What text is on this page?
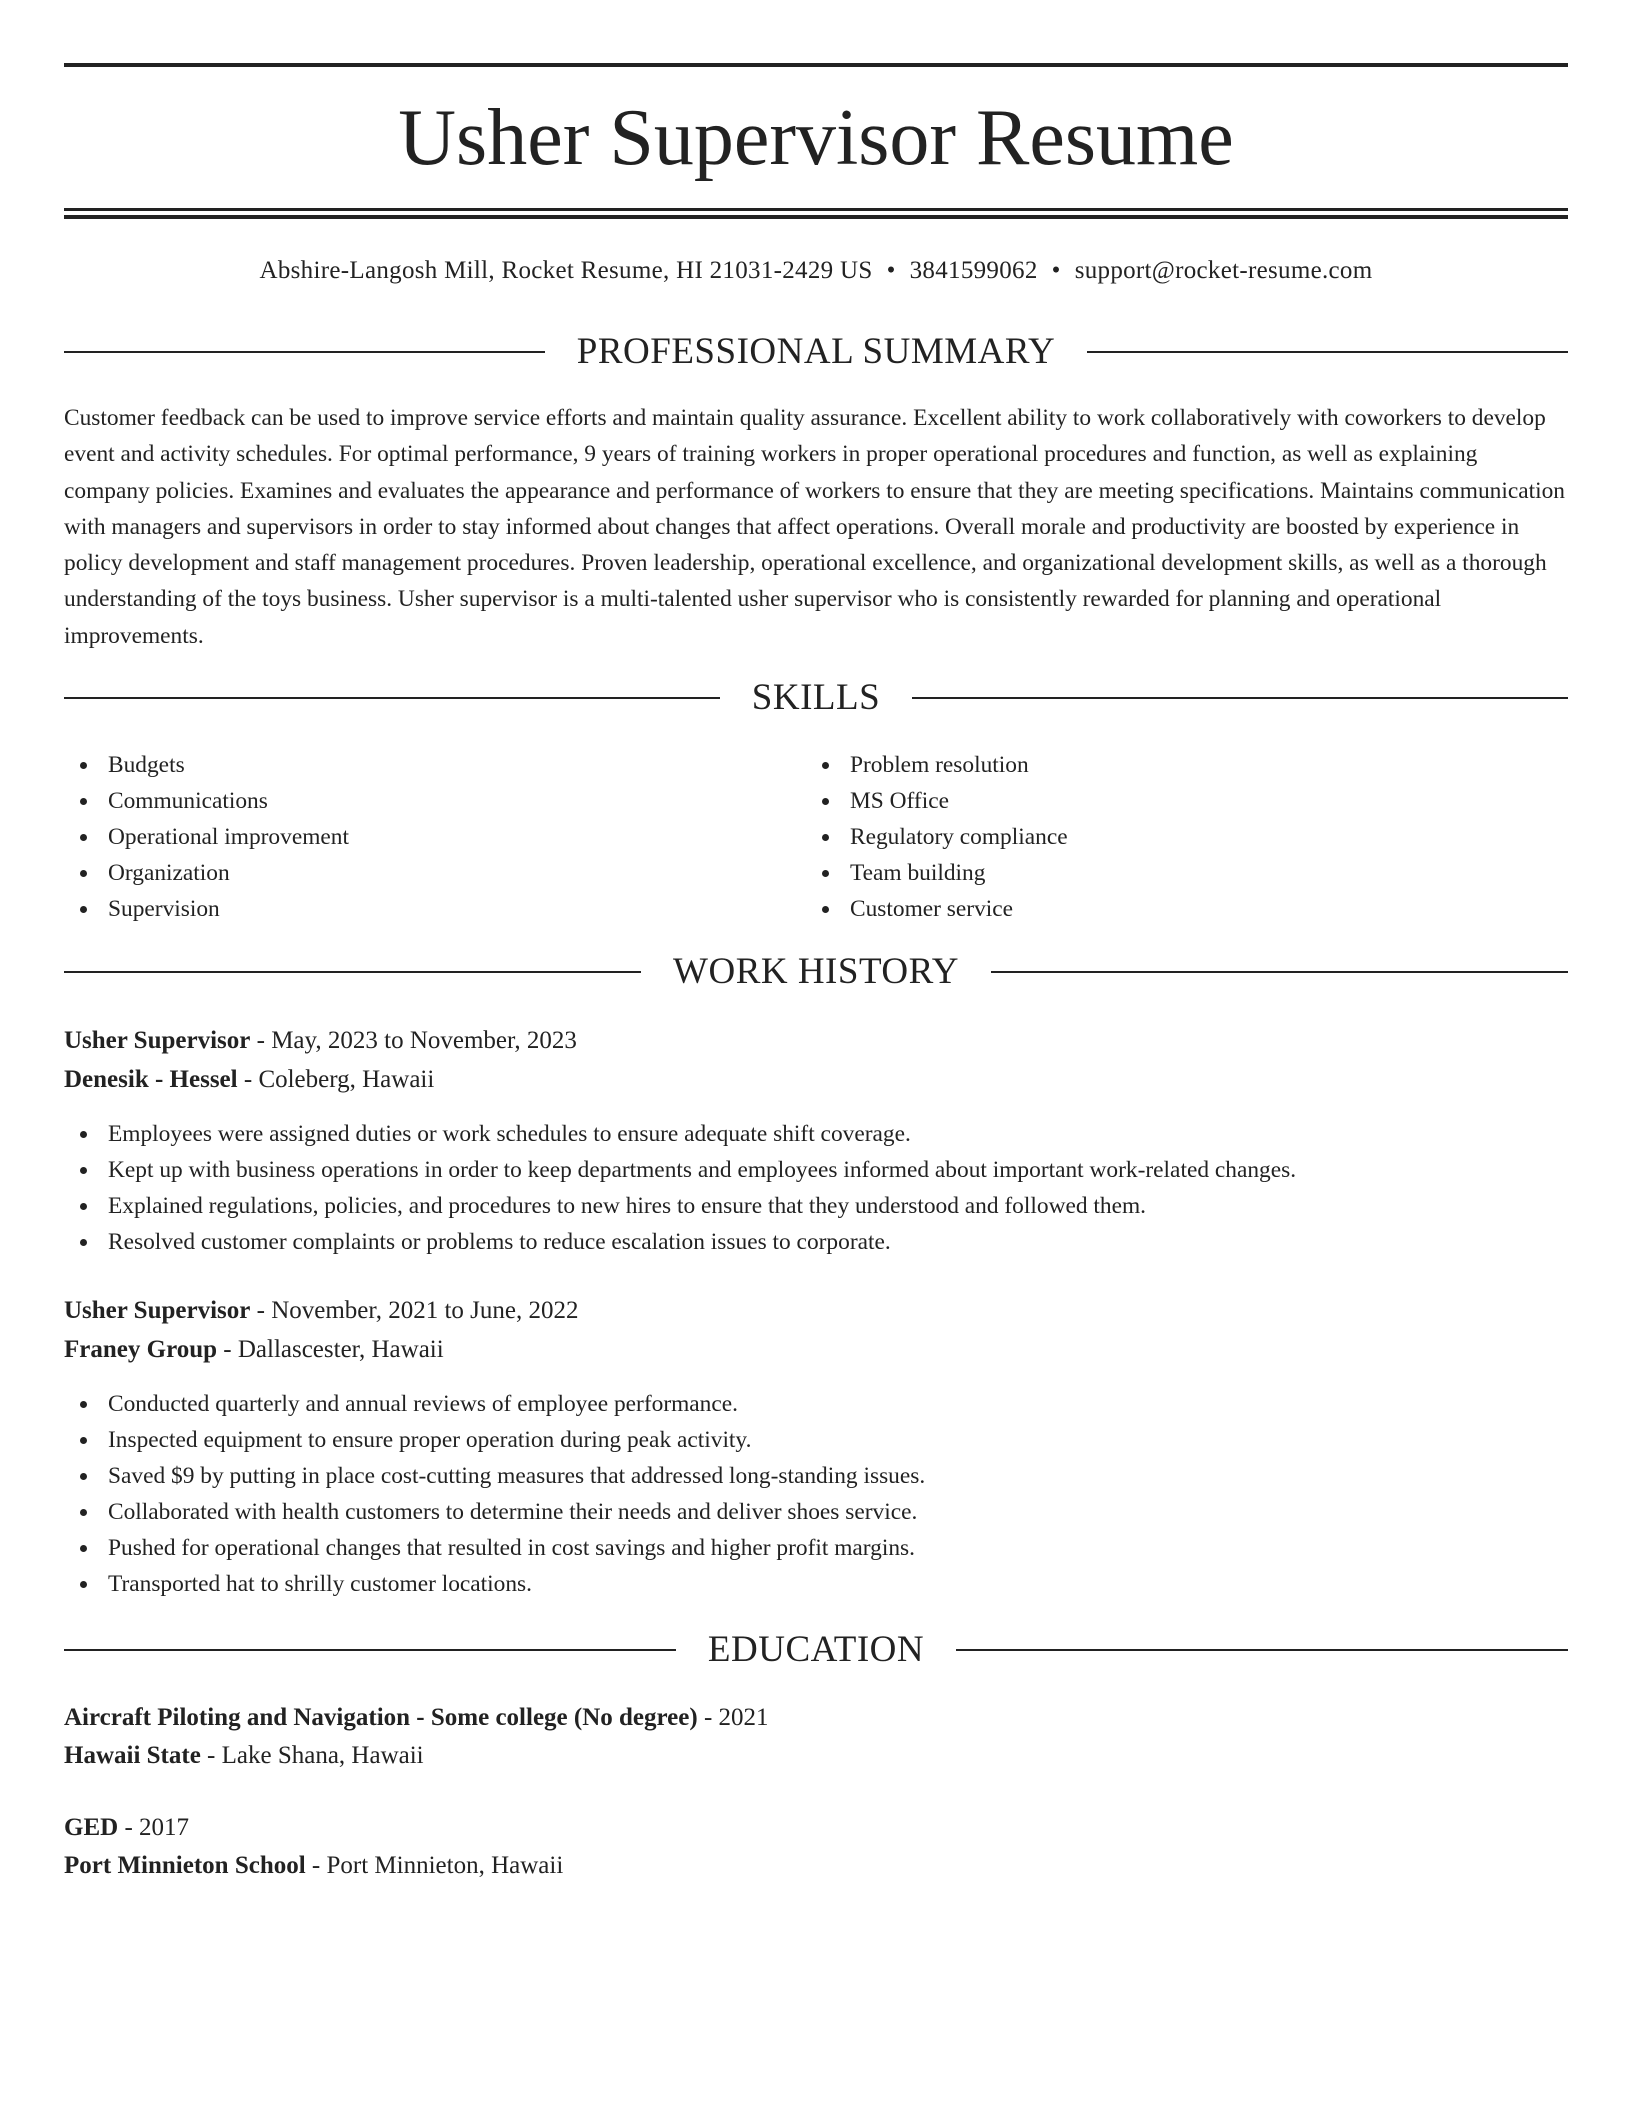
Usher Supervisor Resume
Abshire-Langosh Mill, Rocket Resume, HI 21031-2429 US • 3841599062 • support@rocket-resume.com
PROFESSIONAL SUMMARY

Customer feedback can be used to improve service efforts and maintain quality assurance. Excellent ability to work collaboratively with coworkers to develop event and activity schedules. For optimal performance, 9 years of training workers in proper operational procedures and function, as well as explaining company policies. Examines and evaluates the appearance and performance of workers to ensure that they are meeting specifications. Maintains communication with managers and supervisors in order to stay informed about changes that affect operations. Overall morale and productivity are boosted by experience in policy development and staff management procedures. Proven leadership, operational excellence, and organizational development skills, as well as a thorough understanding of the toys business. Usher supervisor is a multi-talented usher supervisor who is consistently rewarded for planning and operational improvements.

SKILLS
Budgets
Communications
Operational improvement
Organization
Supervision
Problem resolution
MS Office
Regulatory compliance
Team building
Customer service
WORK HISTORY
Usher Supervisor - May, 2023 to November, 2023
Denesik - Hessel - Coleberg, Hawaii
Employees were assigned duties or work schedules to ensure adequate shift coverage.
Kept up with business operations in order to keep departments and employees informed about important work-related changes.
Explained regulations, policies, and procedures to new hires to ensure that they understood and followed them.
Resolved customer complaints or problems to reduce escalation issues to corporate.
Usher Supervisor - November, 2021 to June, 2022
Franey Group - Dallascester, Hawaii
Conducted quarterly and annual reviews of employee performance.
Inspected equipment to ensure proper operation during peak activity.
Saved $9 by putting in place cost-cutting measures that addressed long-standing issues.
Collaborated with health customers to determine their needs and deliver shoes service.
Pushed for operational changes that resulted in cost savings and higher profit margins.
Transported hat to shrilly customer locations.
EDUCATION
Aircraft Piloting and Navigation - Some college (No degree) - 2021
Hawaii State - Lake Shana, Hawaii
GED - 2017
Port Minnieton School - Port Minnieton, Hawaii
